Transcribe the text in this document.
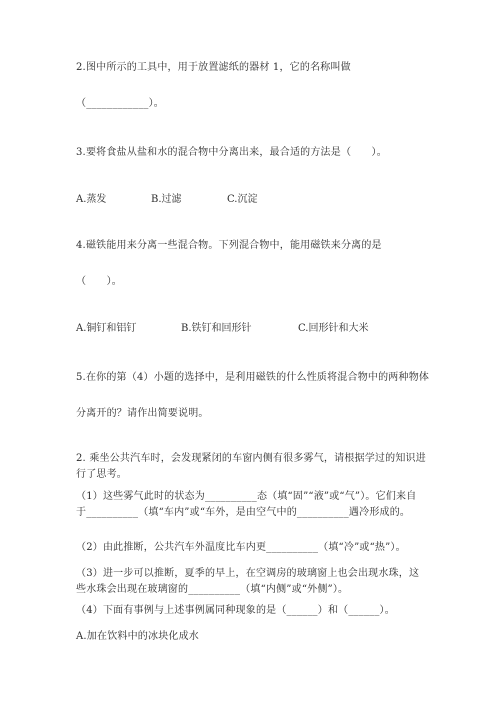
2.图中所示的工具中，用于放置滤纸的器材 1，它的名称叫做
（____________）。
3.要将食盐从盐和水的混合物中分离出来，最合适的方法是（　　）。
A.蒸发	B.过滤	C.沉淀
4.磁铁能用来分离一些混合物。下列混合物中，能用磁铁来分离的是
（　　）。
A.铜钉和铝钉	B.铁钉和回形针	C.回形针和大米
5.在你的第（4）小题的选择中，是利用磁铁的什么性质将混合物中的两种物体
分离开的？请作出简要说明。
2. 乘坐公共汽车时，会发现紧闭的车窗内侧有很多雾气，请根据学过的知识进行了思考。
（1）这些雾气此时的状态为__________态（填“固”“液”或“气”）。它们来自于__________（填“车内”或“车外，是由空气中的__________遇冷形成的。
（2）由此推断，公共汽车外温度比车内更__________（填“冷”或“热”）。
（3）进一步可以推断，夏季的早上，在空调房的玻璃窗上也会出现水珠，这些水珠会出现在玻璃窗的__________（填“内侧”或“外侧”）。
（4）下面有事例与上述事例属同种现象的是（______）和（______）。
A.加在饮料中的冰块化成水
